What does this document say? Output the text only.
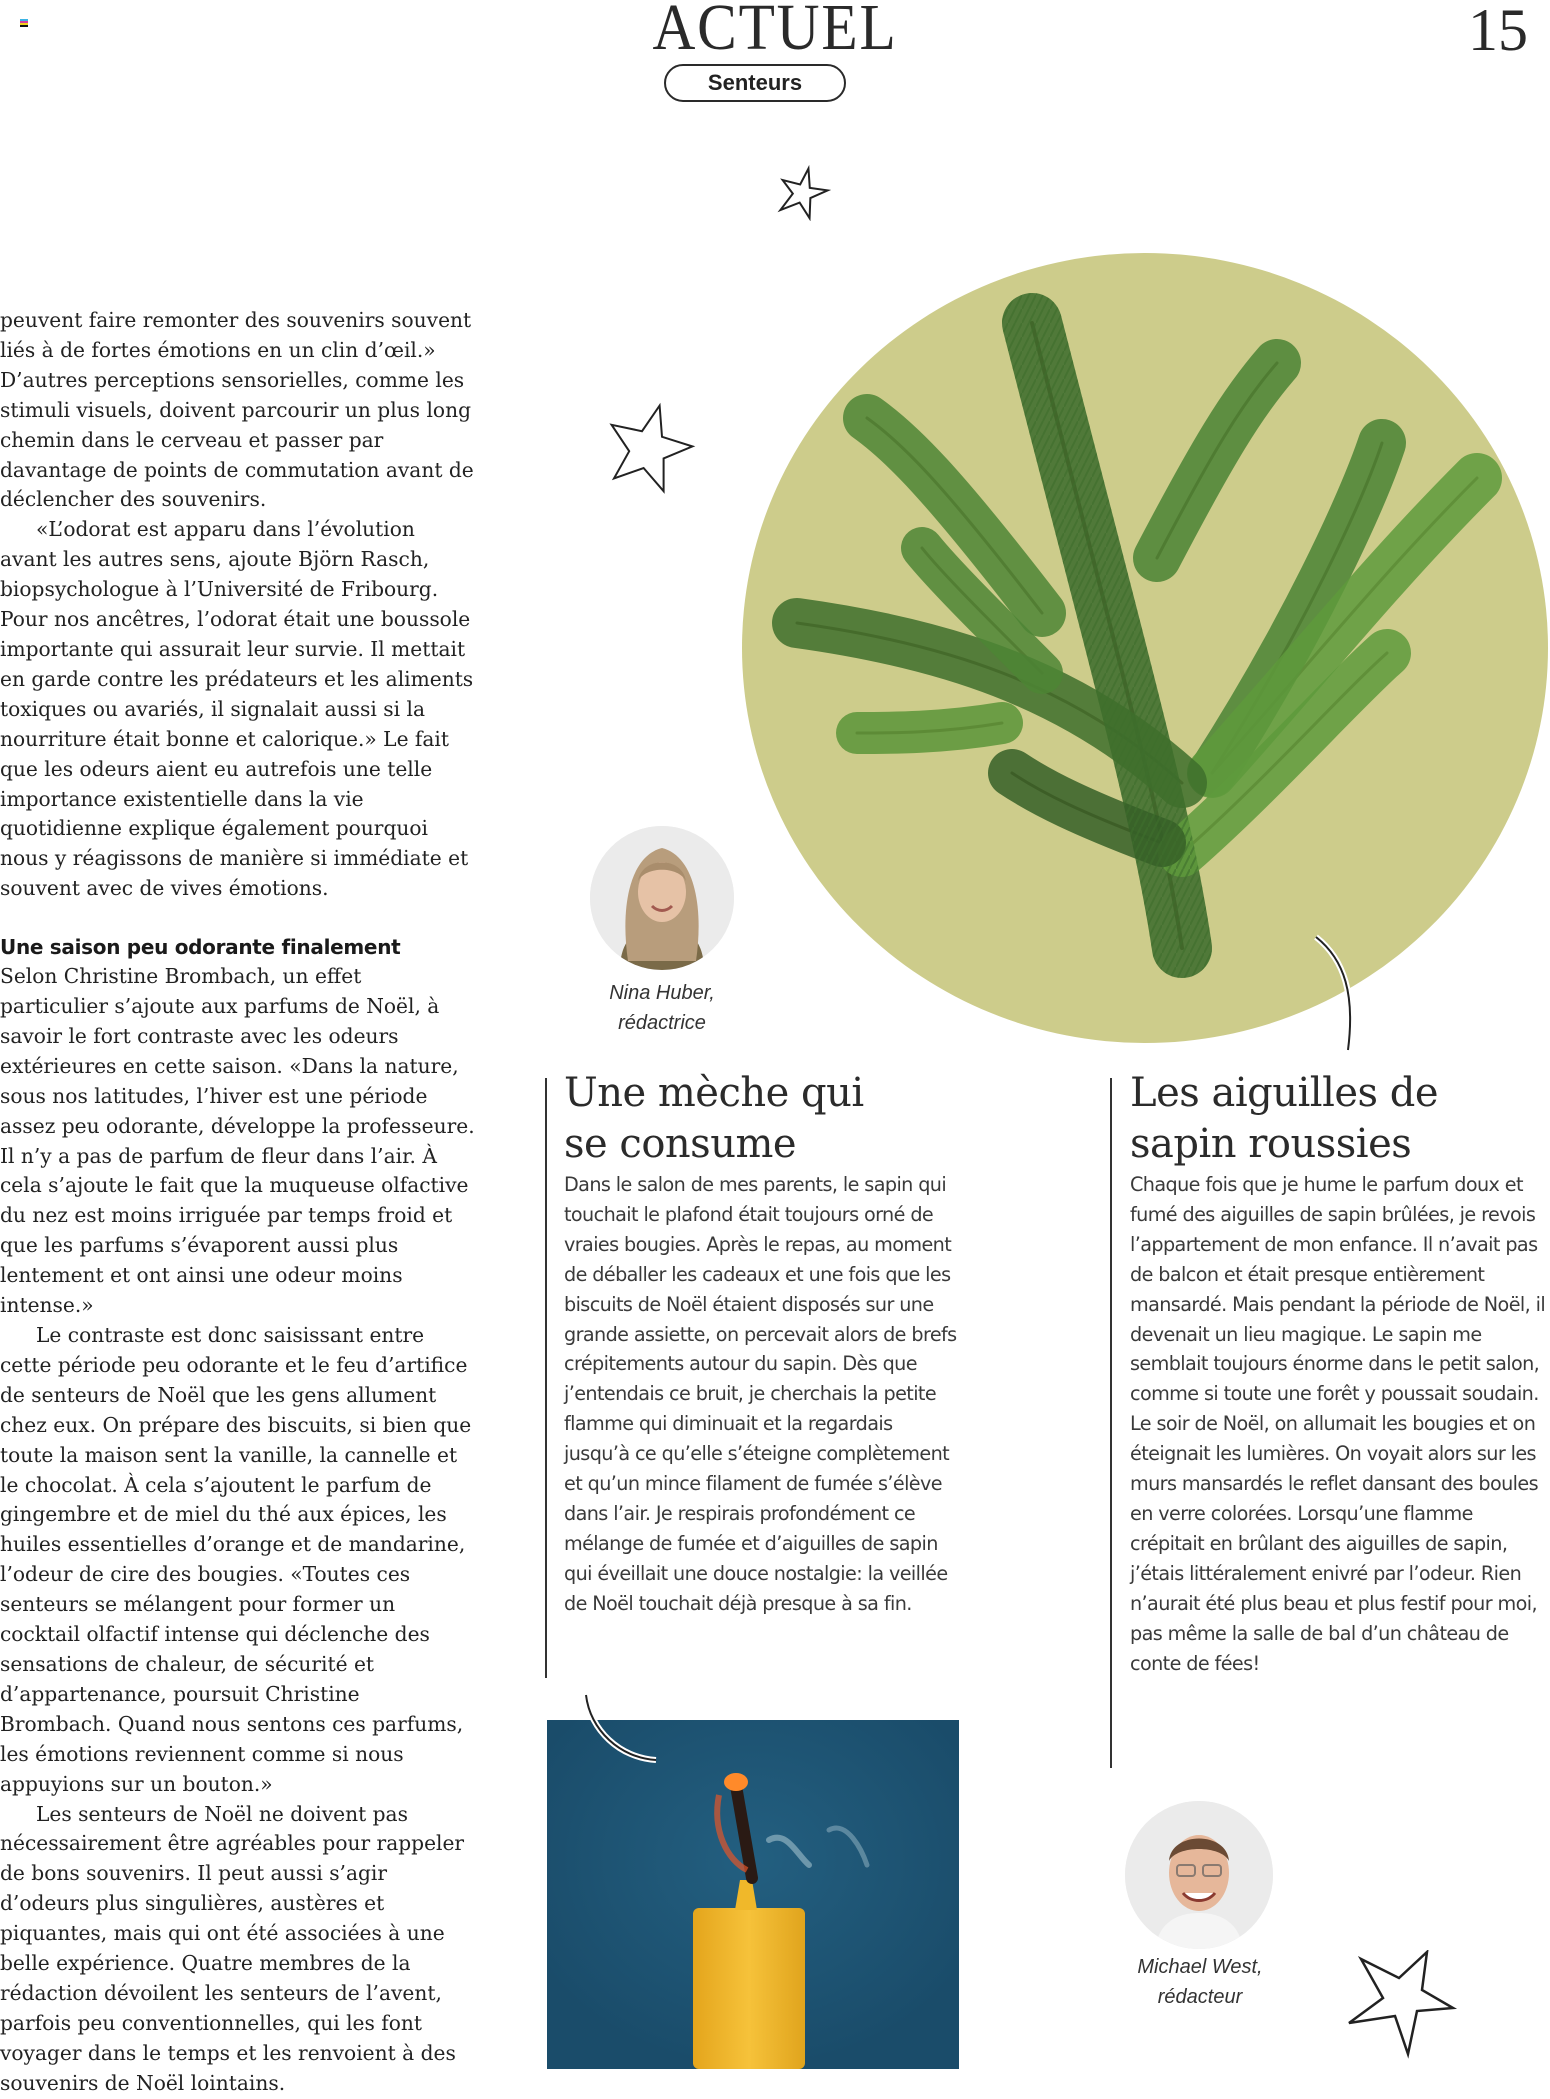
ACTUEL	15
Senteurs

peuvent faire remonter des souvenirs souvent liés à de fortes émotions en un clin d’œil.» D’autres perceptions sensorielles, comme les stimuli visuels, doivent parcourir un plus long chemin dans le cerveau et passer par davantage de points de commutation avant de déclencher des souvenirs.

«L’odorat est apparu dans l’évolution avant les autres sens, ajoute Björn Rasch, biopsychologue à l’Université de Fribourg. Pour nos ancêtres, l’odorat était une boussole importante qui assurait leur survie. Il mettait en garde contre les prédateurs et les aliments toxiques ou avariés, il signalait aussi si la nourriture était bonne et calorique.» Le fait que les odeurs aient eu autrefois une telle importance existentielle dans la vie quotidienne explique également pourquoi nous y réagissons de manière si immédiate et souvent avec de vives émotions.

Une saison peu odorante finalement

Selon Christine Brombach, un effet particulier s’ajoute aux parfums de Noël, à savoir le fort contraste avec les odeurs extérieures en cette saison. «Dans la nature, sous nos latitudes, l’hiver est une période assez peu odorante, développe la professeure. Il n’y a pas de parfum de fleur dans l’air. À cela s’ajoute le fait que la muqueuse olfactive du nez est moins irriguée par temps froid et que les parfums s’évaporent aussi plus lentement et ont ainsi une odeur moins intense.»

Le contraste est donc saisissant entre cette période peu odorante et le feu d’artifice de senteurs de Noël que les gens allument chez eux. On prépare des biscuits, si bien que toute la maison sent la vanille, la cannelle et le chocolat. À cela s’ajoutent le parfum de gingembre et de miel du thé aux épices, les huiles essentielles d’orange et de mandarine, l’odeur de cire des bougies. «Toutes ces senteurs se mélangent pour former un cocktail olfactif intense qui déclenche des sensations de chaleur, de sécurité et d’appartenance, poursuit Christine Brombach. Quand nous sentons ces parfums, les émotions reviennent comme si nous appuyions sur un bouton.»

Les senteurs de Noël ne doivent pas nécessairement être agréables pour rappeler de bons souvenirs. Il peut aussi s’agir d’odeurs plus singulières, austères et piquantes, mais qui ont été associées à une belle expérience. Quatre membres de la rédaction dévoilent les senteurs de l’avent, parfois peu conventionnelles, qui les font voyager dans le temps et les renvoient à des souvenirs de Noël lointains.

Nina Huber,
rédactrice
Une mèche qui
se consume
Dans le salon de mes parents, le sapin qui touchait le plafond était toujours orné de vraies bougies. Après le repas, au moment de déballer les cadeaux et une fois que les biscuits de Noël étaient disposés sur une grande assiette, on percevait alors de brefs crépitements autour du sapin. Dès que j’entendais ce bruit, je cherchais la petite flamme qui diminuait et la regardais jusqu’à ce qu’elle s’éteigne complètement et qu’un mince filament de fumée s’élève dans l’air. Je respirais profondément ce mélange de fumée et d’aiguilles de sapin qui éveillait une douce nostalgie: la veillée de Noël touchait déjà presque à sa fin.
Les aiguilles de
sapin roussies
Chaque fois que je hume le parfum doux et fumé des aiguilles de sapin brûlées, je revois l’appartement de mon enfance. Il n’avait pas de balcon et était presque entièrement mansardé. Mais pendant la période de Noël, il devenait un lieu magique. Le sapin me semblait toujours énorme dans le petit salon, comme si toute une forêt y poussait soudain. Le soir de Noël, on allumait les bougies et on éteignait les lumières. On voyait alors sur les murs mansardés le reflet dansant des boules en verre colorées. Lorsqu’une flamme crépitait en brûlant des aiguilles de sapin, j’étais littéralement enivré par l’odeur. Rien n’aurait été plus beau et plus festif pour moi, pas même la salle de bal d’un château de conte de fées!
Michael West,
rédacteur
